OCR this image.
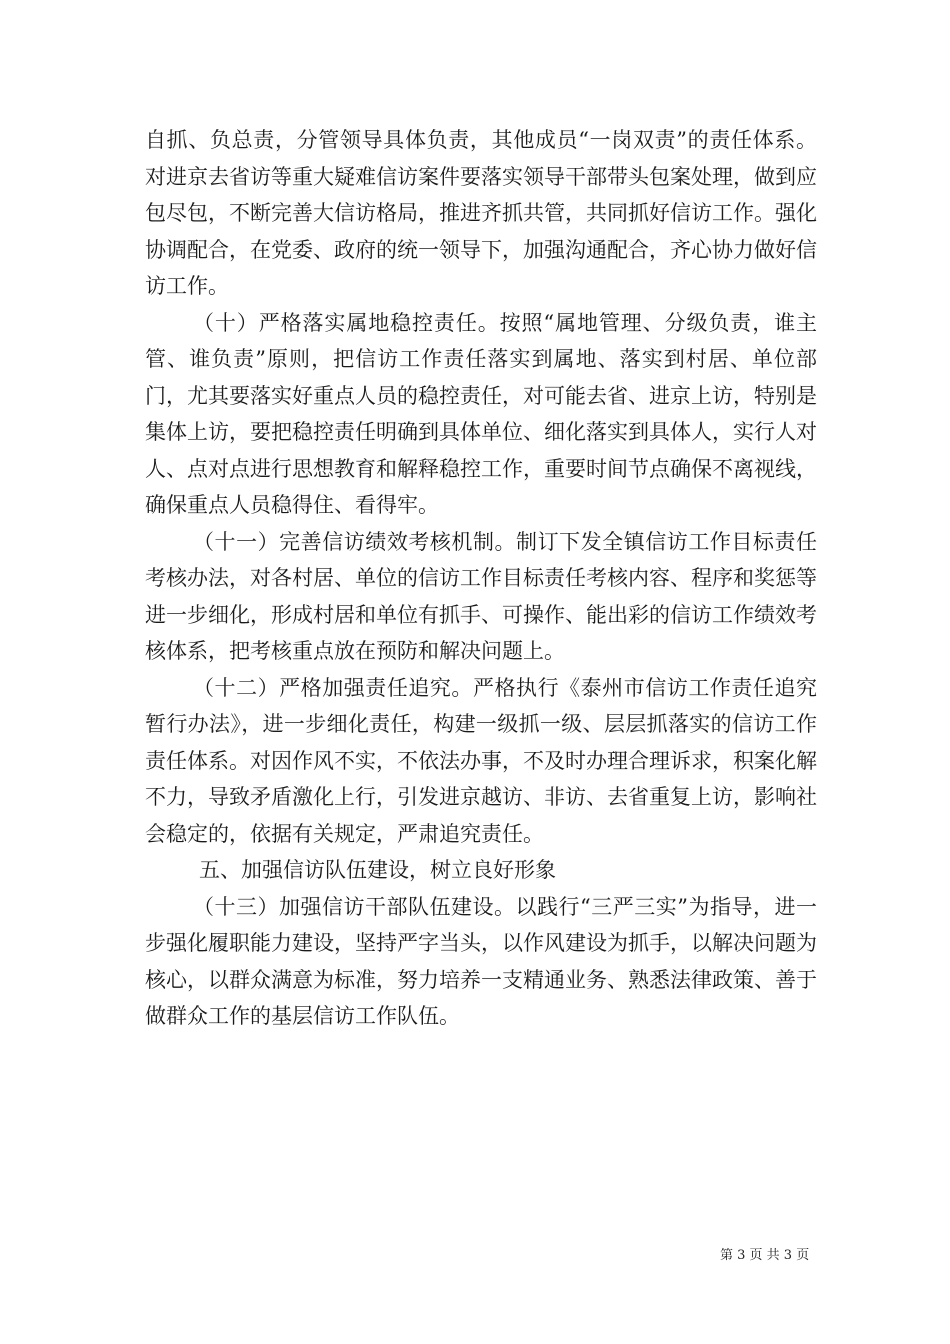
自抓、负总责，分管领导具体负责，其他成员“一岗双责”的责任体系。对进京去省访等重大疑难信访案件要落实领导干部带头包案处理，做到应包尽包，不断完善大信访格局，推进齐抓共管，共同抓好信访工作。强化协调配合，在党委、政府的统一领导下，加强沟通配合，齐心协力做好信访工作。

（十）严格落实属地稳控责任。按照“属地管理、分级负责，谁主管、谁负责”原则，把信访工作责任落实到属地、落实到村居、单位部门，尤其要落实好重点人员的稳控责任，对可能去省、进京上访，特别是集体上访，要把稳控责任明确到具体单位、细化落实到具体人，实行人对人、点对点进行思想教育和解释稳控工作，重要时间节点确保不离视线，确保重点人员稳得住、看得牢。

（十一）完善信访绩效考核机制。制订下发全镇信访工作目标责任考核办法，对各村居、单位的信访工作目标责任考核内容、程序和奖惩等进一步细化，形成村居和单位有抓手、可操作、能出彩的信访工作绩效考核体系，把考核重点放在预防和解决问题上。

（十二）严格加强责任追究。严格执行《泰州市信访工作责任追究暂行办法》，进一步细化责任，构建一级抓一级、层层抓落实的信访工作责任体系。对因作风不实，不依法办事，不及时办理合理诉求，积案化解不力，导致矛盾激化上行，引发进京越访、非访、去省重复上访，影响社会稳定的，依据有关规定，严肃追究责任。

五、加强信访队伍建设，树立良好形象

（十三）加强信访干部队伍建设。以践行“三严三实”为指导，进一步强化履职能力建设，坚持严字当头，以作风建设为抓手，以解决问题为核心，以群众满意为标准，努力培养一支精通业务、熟悉法律政策、善于做群众工作的基层信访工作队伍。

第 3 页 共 3 页
